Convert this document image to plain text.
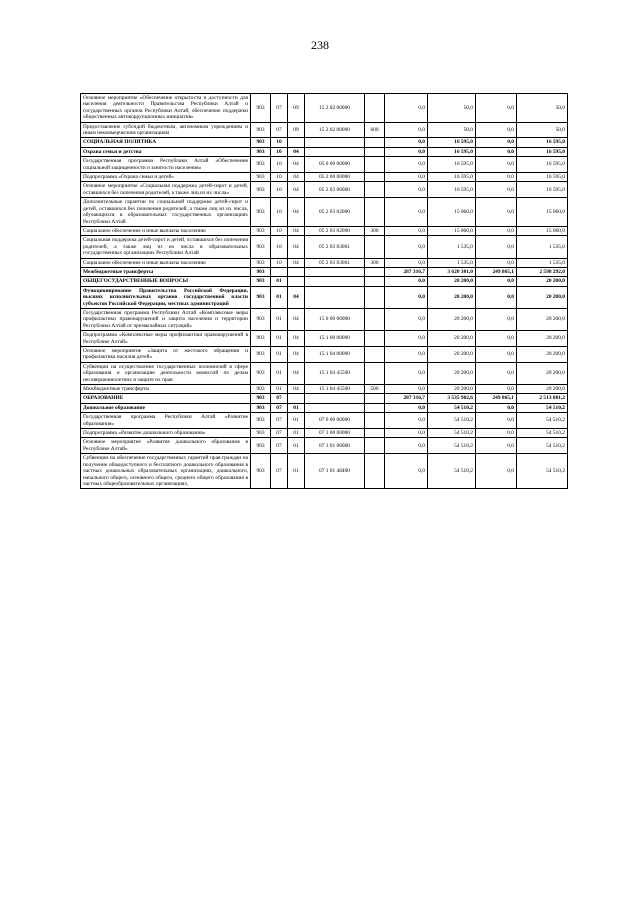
238
Основное мероприятие «Обеспечение открытости и доступности для населения деятельности Правительства Республики Алтай и государственных органов Республики Алтай, обеспечение поддержки общественных антикоррупционных инициатив»	903	07	09	15 2 02 00000		0,0	50,0	0,0	50,0
Предоставление субсидий бюджетным, автономным учреждениям и иным некоммерческим организациям	903	07	09	15 2 02 00000	600	0,0	50,0	0,0	50,0
СОЦИАЛЬНАЯ ПОЛИТИКА	903	10				0,0	16 595,0	0,0	16 595,0
Охрана семьи и детства	903	10	04			0,0	16 595,0	0,0	16 595,0
Государственная программа Республики Алтай «Обеспечение социальной защищенности и занятости населения»	903	10	04	05 0 00 00000		0,0	16 595,0	0,0	16 595,0
Подпрограмма «Охрана семьи и детей»	903	10	04	05 2 00 00000		0,0	16 595,0	0,0	16 595,0
Основное мероприятие «Социальная поддержка детей-сирот и детей, оставшихся без попечения родителей, а также лиц из их числа»	903	10	04	05 2 03 00000		0,0	16 595,0	0,0	16 595,0
Дополнительные гарантии по социальной поддержке детей-сирот и детей, оставшихся без попечения родителей, а также лиц из их числа, обучающихся в образовательных государственных организациях Республики Алтай	903	10	04	05 2 03 02000		0,0	15 060,0	0,0	15 060,0
Социальное обеспечение и иные выплаты населению	903	10	04	05 2 03 02000	300	0,0	15 060,0	0,0	15 060,0
Социальная поддержка детей-сирот и детей, оставшихся без попечения родителей, а также лиц из их числа в образовательных государственных организациях Республики Алтай	903	10	04	05 2 03 03061		0,0	1 535,0	0,0	1 535,0
Социальное обеспечение и иные выплаты населению	903	10	04	05 2 03 03061	300	0,0	1 535,0	0,0	1 535,0
Межбюджетные трансферты	903					287 316,7	3 620 301,0	249 865,1	2 598 292,0
ОБЩЕГОСУДАРСТВЕННЫЕ ВОПРОСЫ	903	01				0,0	20 200,0	0,0	20 200,0
Функционирование Правительства Российской Федерации, высших исполнительных органов государственной власти субъектов Российской Федерации, местных администраций	903	01	04			0,0	20 200,0	0,0	20 200,0
Государственная программа Республики Алтай «Комплексные меры профилактики правонарушений и защита населения и территории Республики Алтай от чрезвычайных ситуаций»	903	01	04	15 0 00 00000		0,0	20 200,0	0,0	20 200,0
Подпрограмма «Комплексные меры профилактики правонарушений в Республике Алтай»	903	01	04	15 1 00 00000		0,0	20 200,0	0,0	20 200,0
Основное мероприятие «Защита от жестокого обращения и профилактика насилия детей»	903	01	04	15 1 04 00000		0,0	20 200,0	0,0	20 200,0
Субвенции на осуществление государственных полномочий в сфере образования и организацию деятельности комиссий по делам несовершеннолетних и защите их прав	903	01	04	15 1 04 45500		0,0	20 200,0	0,0	20 200,0
Межбюджетные трансферты	903	01	04	15 1 04 45500	500	0,0	20 200,0	0,0	20 200,0
ОБРАЗОВАНИЕ	903	07				287 316,7	3 535 902,6	249 865,1	2 513 801,2
Дошкольное образование	903	07	01			0,0	54 510,2	0,0	54 510,2
Государственная программа Республики Алтай «Развитие образования»	903	07	01	07 0 00 00000		0,0	54 510,2	0,0	54 510,2
Подпрограмма «Развитие дошкольного образования»	903	07	01	07 1 00 00000		0,0	54 510,2	0,0	54 510,2
Основное мероприятие «Развитие дошкольного образования в Республике Алтай»	903	07	01	07 1 01 00000		0,0	54 510,2	0,0	54 510,2
Субвенции на обеспечение государственных гарантий прав граждан на получение общедоступного и бесплатного дошкольного образования в частных дошкольных образовательных организациях, дошкольного, начального общего, основного общего, среднего общего образования в частных общеобразовательных организациях,	903	07	01	07 1 01 48400		0,0	54 510,2	0,0	54 510,2
